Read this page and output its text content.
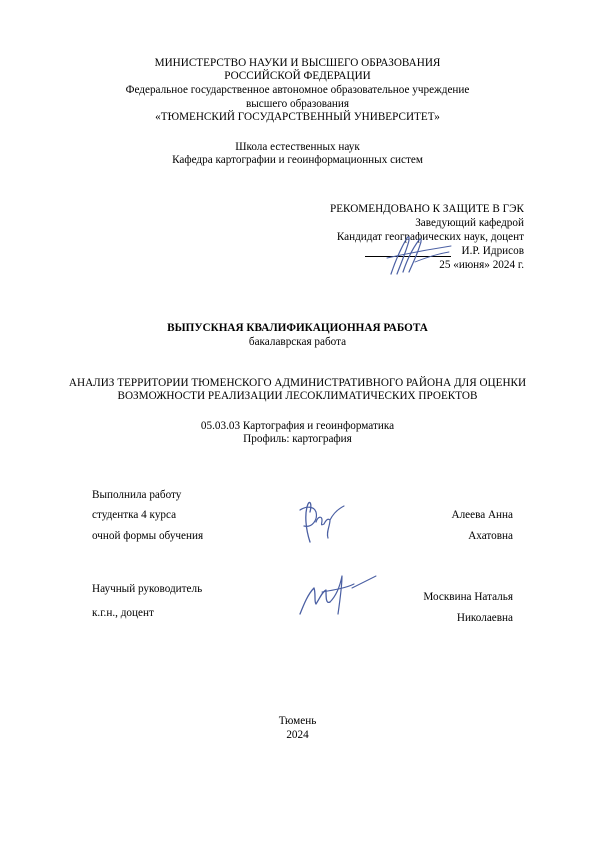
МИНИСТЕРСТВО НАУКИ И ВЫСШЕГО ОБРАЗОВАНИЯ
РОССИЙСКОЙ ФЕДЕРАЦИИ
Федеральное государственное автономное образовательное учреждение
высшего образования
«ТЮМЕНСКИЙ ГОСУДАРСТВЕННЫЙ УНИВЕРСИТЕТ»
Школа естественных наук
Кафедра картографии и геоинформационных систем
РЕКОМЕНДОВАНО К ЗАЩИТЕ В ГЭК
Заведующий кафедрой
Кандидат географических наук, доцент
И.Р. Идрисов
25 «июня» 2024 г.
ВЫПУСКНАЯ КВАЛИФИКАЦИОННАЯ РАБОТА
бакалаврская работа
АНАЛИЗ ТЕРРИТОРИИ ТЮМЕНСКОГО АДМИНИСТРАТИВНОГО РАЙОНА ДЛЯ ОЦЕНКИ
ВОЗМОЖНОСТИ РЕАЛИЗАЦИИ ЛЕСОКЛИМАТИЧЕСКИХ ПРОЕКТОВ
05.03.03 Картография и геоинформатика
Профиль: картография
Выполнила работу
студентка 4 курса
очной формы обучения
Алеева Анна
Ахатовна
Научный руководитель
к.г.н., доцент
Москвина Наталья
Николаевна
Тюмень
2024
